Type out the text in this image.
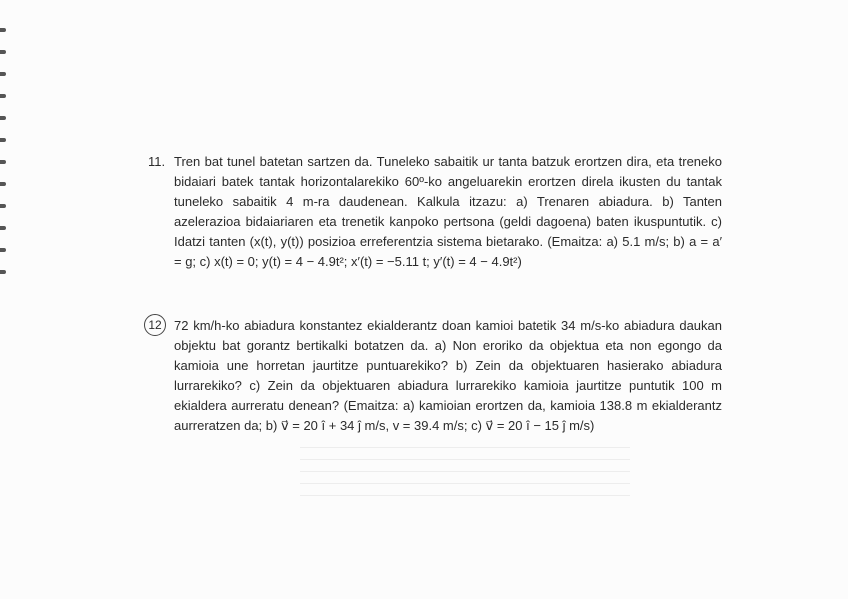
11. Tren bat tunel batetan sartzen da. Tuneleko sabaitik ur tanta batzuk erortzen dira, eta treneko bidaiari batek tantak horizontalarekiko 60º-ko angeluarekin erortzen direla ikusten du tantak tuneleko sabaitik 4 m-ra daudenean. Kalkula itzazu: a) Trenaren abiadura. b) Tanten azelerazioa bidaiariaren eta trenetik kanpoko pertsona (geldi dagoena) baten ikuspuntutik. c) Idatzi tanten (x(t), y(t)) posizioa erreferentzia sistema bietarako. (Emaitza: a) 5.1 m/s; b) a = a′ = g; c) x(t) = 0; y(t) = 4 − 4.9t²; x′(t) = −5.11 t; y′(t) = 4 − 4.9t²)
12 72 km/h-ko abiadura konstantez ekialderantz doan kamioi batetik 34 m/s-ko abiadura daukan objektu bat gorantz bertikalki botatzen da. a) Non eroriko da objektua eta non egongo da kamioia une horretan jaurtitze puntuarekiko? b) Zein da objektuaren hasierako abiadura lurrarekiko? c) Zein da objektuaren abiadura lurrarekiko kamioia jaurtitze puntutik 100 m ekialdera aurreratu denean? (Emaitza: a) kamioian erortzen da, kamioia 138.8 m ekialderantz aurreratzen da; b) v⃗ = 20 î + 34 ĵ m/s, v = 39.4 m/s; c) v⃗ = 20 î − 15 ĵ m/s)
